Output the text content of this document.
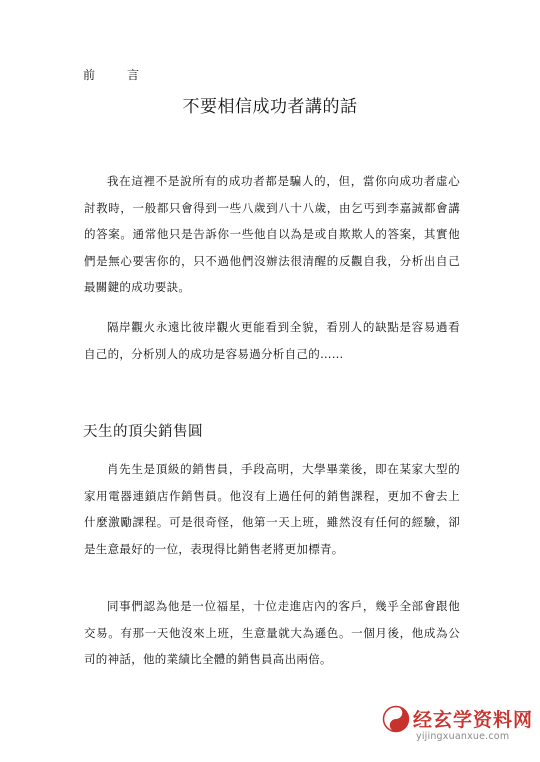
前　言
不要相信成功者講的話

我在這裡不是說所有的成功者都是騙人的，但，當你向成功者虛心討教時，一般都只會得到一些八歲到八十八歲，由乞丐到李嘉誠都會講的答案。通常他只是告訴你一些他自以為是或自欺欺人的答案，其實他們是無心要害你的，只不過他們沒辦法很清醒的反觀自我，分析出自己最關鍵的成功要訣。

隔岸觀火永遠比彼岸觀火更能看到全貌，看別人的缺點是容易過看自己的，分析別人的成功是容易過分析自己的……

天生的頂尖銷售圓

肖先生是頂級的銷售員，手段高明，大學畢業後，即在某家大型的家用電器連鎖店作銷售員。他沒有上過任何的銷售課程，更加不會去上什麼激勵課程。可是很奇怪，他第一天上班，雖然沒有任何的經驗，卻是生意最好的一位，表現得比銷售老將更加標青。

同事們認為他是一位福星，十位走進店內的客戶，幾乎全部會跟他交易。有那一天他沒來上班，生意量就大為遜色。一個月後，他成為公司的神話，他的業績比全體的銷售員高出兩倍。

经玄学资料网
yijingxuanxue.com
